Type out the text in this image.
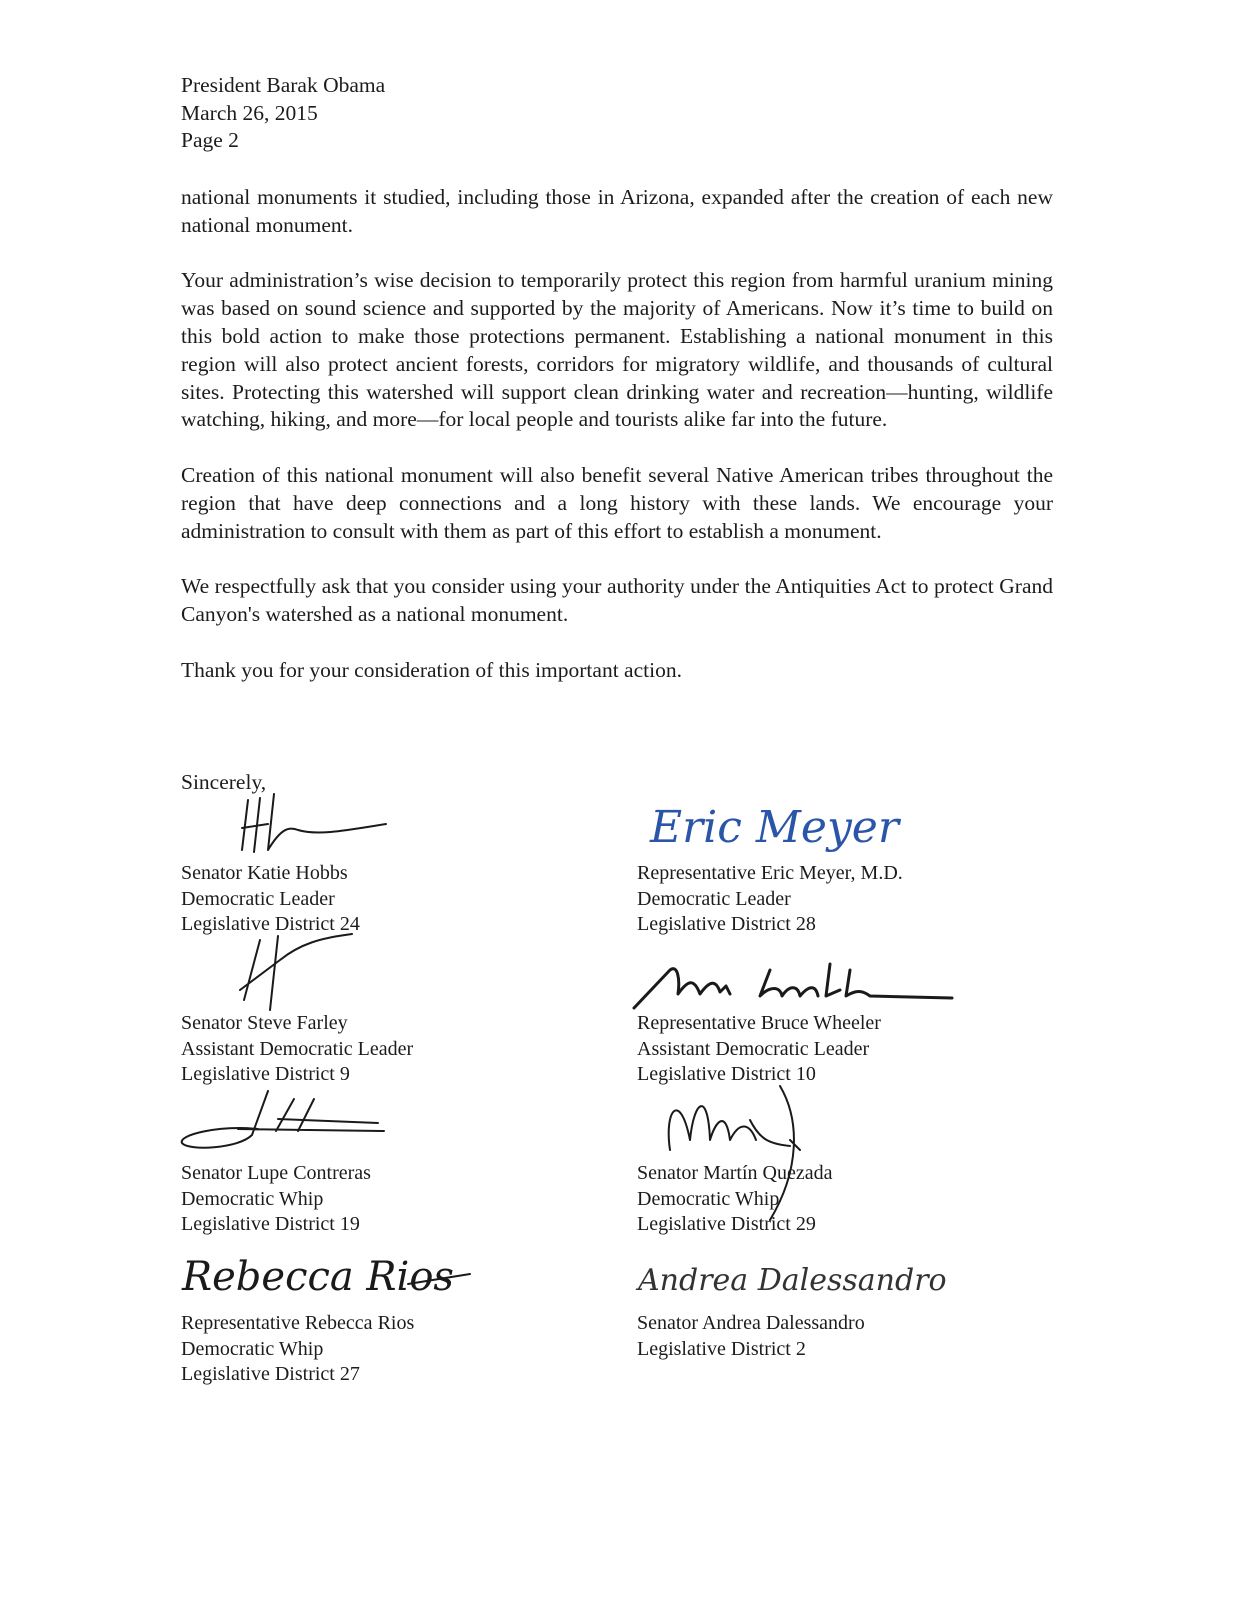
President Barak Obama
March 26, 2015
Page 2

national monuments it studied, including those in Arizona, expanded after the creation of each new national monument.

Your administration’s wise decision to temporarily protect this region from harmful uranium mining was based on sound science and supported by the majority of Americans. Now it’s time to build on this bold action to make those protections permanent. Establishing a national monument in this region will also protect ancient forests, corridors for migratory wildlife, and thousands of cultural sites. Protecting this watershed will support clean drinking water and recreation—hunting, wildlife watching, hiking, and more—for local people and tourists alike far into the future.

Creation of this national monument will also benefit several Native American tribes throughout the region that have deep connections and a long history with these lands. We encourage your administration to consult with them as part of this effort to establish a monument.

We respectfully ask that you consider using your authority under the Antiquities Act to protect Grand Canyon's watershed as a national monument.

Thank you for your consideration of this important action.

Sincerely,
Eric Meyer
Rebecca Rios	Andrea Dalessandro
Senator Katie Hobbs
Democratic Leader
Legislative District 24
Representative Eric Meyer, M.D.
Democratic Leader
Legislative District 28
Senator Steve Farley
Assistant Democratic Leader
Legislative District 9
Representative Bruce Wheeler
Assistant Democratic Leader
Legislative District 10
Senator Lupe Contreras
Democratic Whip
Legislative District 19
Senator Martín Quezada
Democratic Whip
Legislative District 29
Representative Rebecca Rios
Democratic Whip
Legislative District 27
Senator Andrea Dalessandro
Legislative District 2
